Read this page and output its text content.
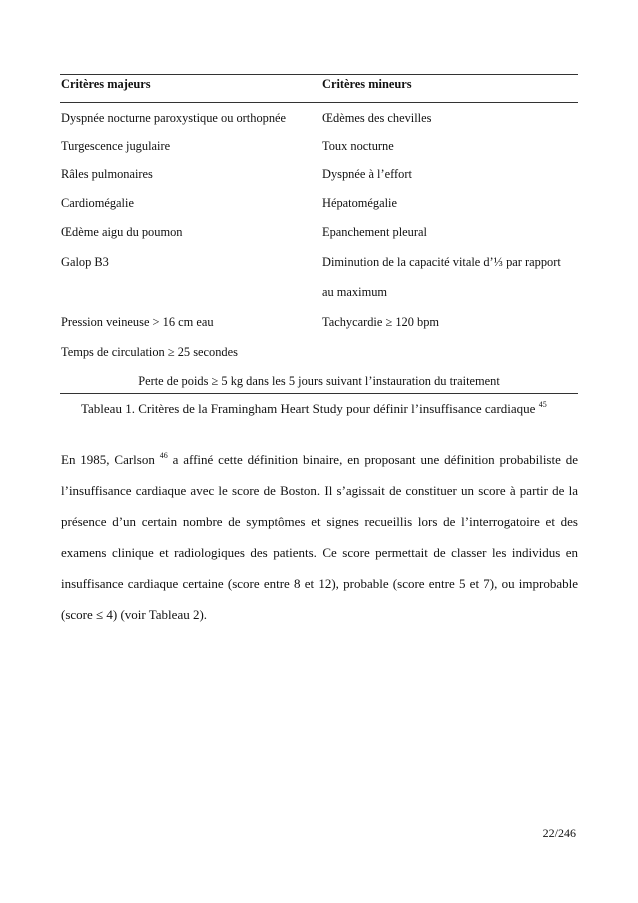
Critères majeurs	Critères mineurs
Dyspnée nocturne paroxystique ou orthopnée	Œdèmes des chevilles
Turgescence jugulaire	Toux nocturne
Râles pulmonaires	Dyspnée à l’effort
Cardiomégalie	Hépatomégalie
Œdème aigu du poumon	Epanchement pleural
Galop B3	Diminution de la capacité vitale d’⅓ par rapport
au maximum
Pression veineuse > 16 cm eau	Tachycardie ≥ 120 bpm
Temps de circulation ≥ 25 secondes
Perte de poids ≥ 5 kg dans les 5 jours suivant l’instauration du traitement
Tableau 1. Critères de la Framingham Heart Study pour définir l’insuffisance cardiaque $^{45}$

En 1985, Carlson $^{46}$ a affiné cette définition binaire, en proposant une définition probabiliste de l’insuffisance cardiaque avec le score de Boston. Il s’agissait de constituer un score à partir de la présence d’un certain nombre de symptômes et signes recueillis lors de l’interrogatoire et des examens clinique et radiologiques des patients. Ce score permettait de classer les individus en insuffisance cardiaque certaine (score entre 8 et 12), probable (score entre 5 et 7), ou improbable (score ≤ 4) (voir Tableau 2).

22/246
